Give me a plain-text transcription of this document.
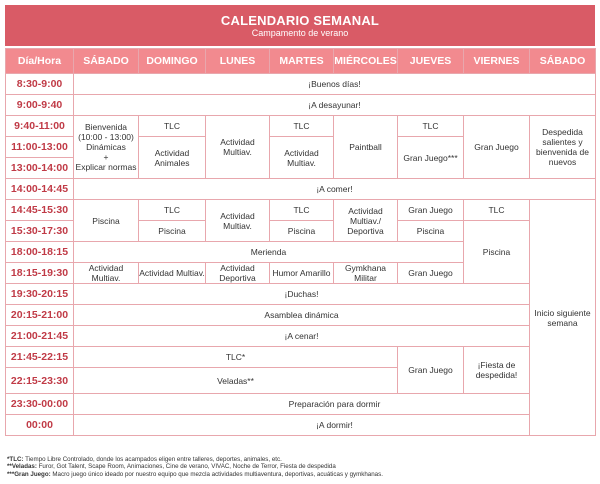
CALENDARIO SEMANAL
Campamento de verano
Día/Hora	SÁBADO	DOMINGO	LUNES	MARTES	MIÉRCOLES	JUEVES	VIERNES	SÁBADO
8:30-9:00	¡Buenos días!							
9:00-9:40	¡A desayunar!							
9:40-11:00	Bienvenida
(10:00 - 13:00)
Dinámicas
+
Explicar normas	TLC	Actividad Multiav.	TLC	Paintball	TLC	Gran Juego	Despedida salientes y bienvenida de nuevos
11:00-13:00		Actividad Animales		Actividad Multiav.		Gran Juego***		
13:00-14:00								
14:00-14:45	¡A comer!							
14:45-15:30	Piscina	TLC	Actividad Multiav.	TLC	Actividad Multiav./ Deportiva	Gran Juego	TLC	Inicio siguiente semana
15:30-17:30		Piscina		Piscina		Piscina	Piscina	
18:00-18:15	Merienda							
18:15-19:30	Actividad Multiav.	Actividad Multiav.	Actividad Deportiva	Humor Amarillo	Gymkhana Militar	Gran Juego		
19:30-20:15	¡Duchas!							
20:15-21:00	Asamblea dinámica							
21:00-21:45	¡A cenar!							
21:45-22:15	TLC*					Gran Juego	¡Fiesta de despedida!	
22:15-23:30	Veladas**							
23:30-00:00	Preparación para dormir							
00:00	¡A dormir!							
*TLC: Tiempo Libre Controlado, donde los acampados eligen entre talleres, deportes, animales, etc.
**Veladas: Furor, Got Talent, Scape Room, Animaciones, Cine de verano, VIVAC, Noche de Terror, Fiesta de despedida
***Gran Juego: Macro juego único ideado por nuestro equipo que mezcla actividades multiaventura, deportivas, acuáticas y gymkhanas.
